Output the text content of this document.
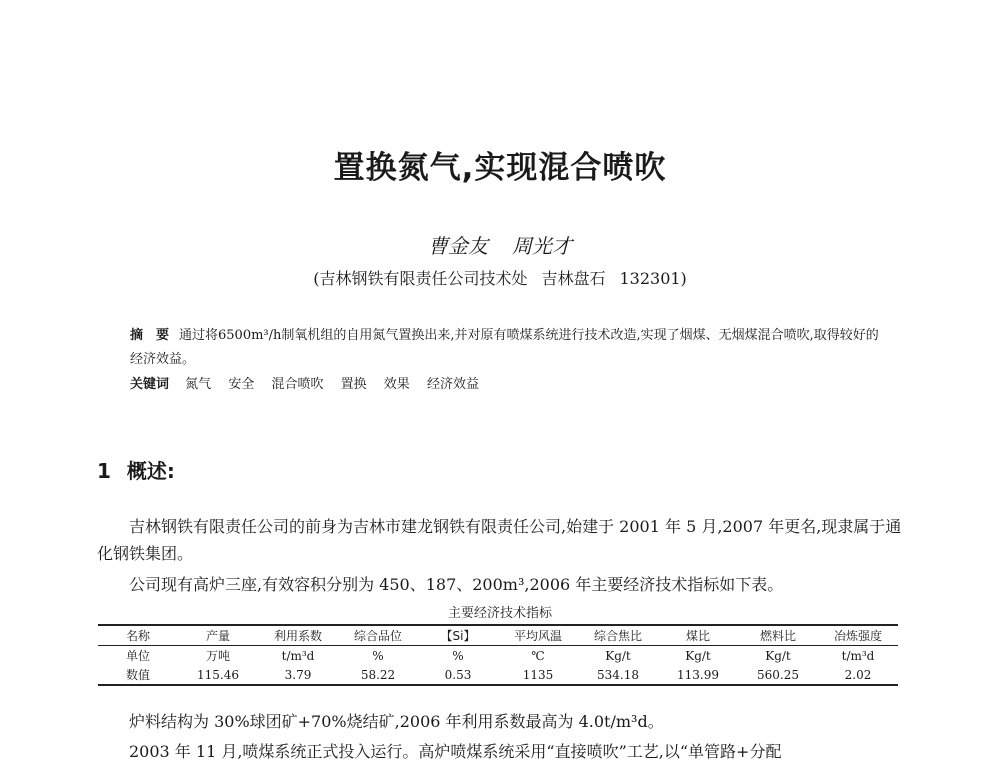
置换氮气,实现混合喷吹
曹金友 周光才
(吉林钢铁有限责任公司技术处 吉林盘石 132301)
摘　要 通过将6500m³/h制氧机组的自用氮气置换出来,并对原有喷煤系统进行技术改造,实现了烟煤、无烟煤混合喷吹,取得较好的经济效益。
关键词 氮气 安全 混合喷吹 置换 效果 经济效益
1 概述:
吉林钢铁有限责任公司的前身为吉林市建龙钢铁有限责任公司,始建于 2001 年 5 月,2007 年更名,现隶属于通化钢铁集团。
公司现有高炉三座,有效容积分别为 450、187、200m³,2006 年主要经济技术指标如下表。
主要经济技术指标
名称	产量	利用系数	综合品位	【Si】	平均风温	综合焦比	煤比	燃料比	冶炼强度
单位	万吨	t/m³d	%	%	℃	Kg/t	Kg/t	Kg/t	t/m³d
数值	115.46	3.79	58.22	0.53	1135	534.18	113.99	560.25	2.02
炉料结构为 30%球团矿+70%烧结矿,2006 年利用系数最高为 4.0t/m³d。
2003 年 11 月,喷煤系统正式投入运行。高炉喷煤系统采用“直接喷吹”工艺,以“单管路+分配
